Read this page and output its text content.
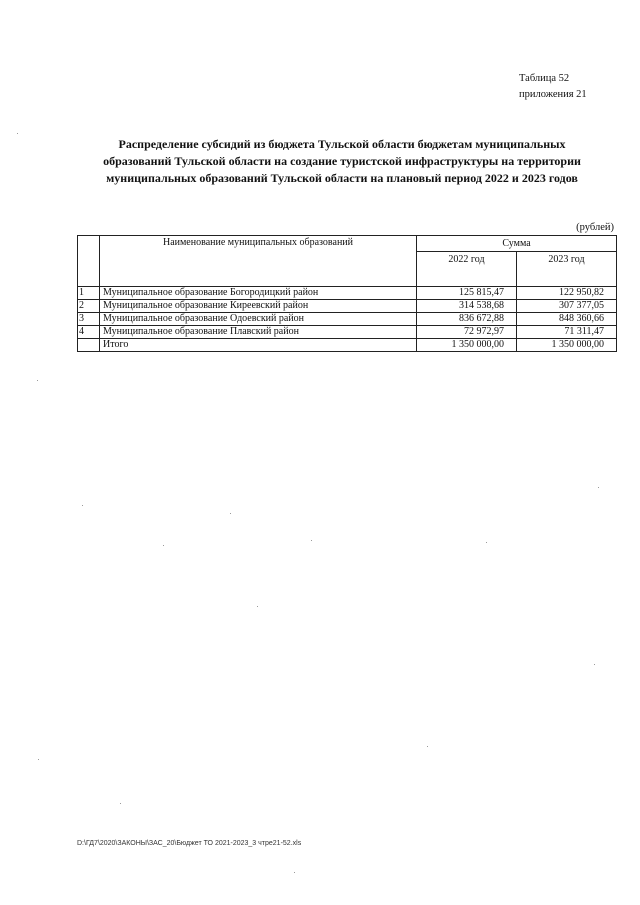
Таблица 52
приложения 21
Распределение субсидий из бюджета Тульской области бюджетам муниципальных
образований Тульской области на создание туристской инфраструктуры на территории
муниципальных образований Тульской области на плановый период 2022 и 2023 годов
(рублей)
	Наименование муниципальных образований	Сумма	
		2022 год	2023 год
1	Муниципальное образование Богородицкий район	125 815,47	122 950,82
2	Муниципальное образование Киреевский район	314 538,68	307 377,05
3	Муниципальное образование Одоевский район	836 672,88	848 360,66
4	Муниципальное образование Плавский район	72 972,97	71 311,47
	Итого	1 350 000,00	1 350 000,00
D:\ГД7\2020\ЗАКОНЫ\ЗАС_20\Бюджет ТО 2021-2023_3 чтре21-52.xls
